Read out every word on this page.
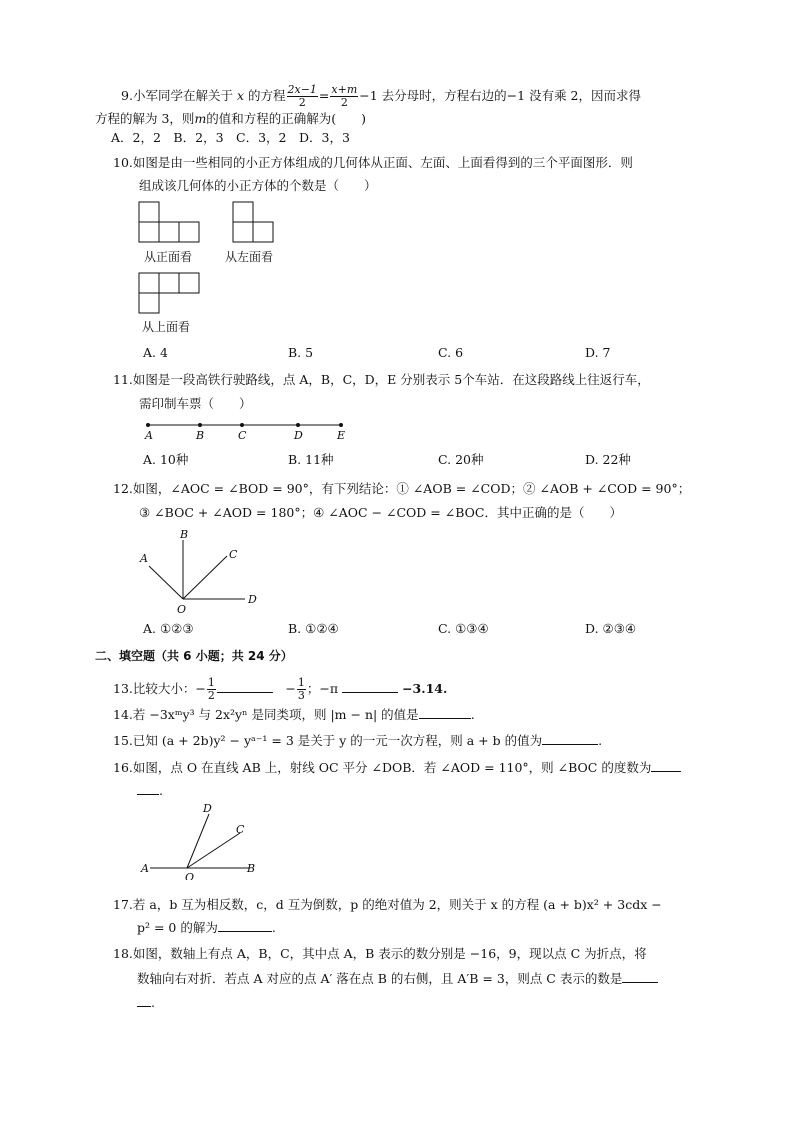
9.小军同学在解关于 x 的方程 $\frac{2x-1}{2} = \frac{x+m}{2} -1$ 去分母时，方程右边的−1 没有乘 2，因而求得
方程的解为 3，则m的值和方程的正确解为(　　)
A．2，2　B．2，3　C．3，2　D．3，3
10.如图是由一些相同的小正方体组成的几何体从正面、左面、上面看得到的三个平面图形．则
组成该几何体的小正方体的个数是（　　）
从正面看	从左面看
从上面看
A. 4	B. 5	C. 6	D. 7
11.如图是一段高铁行驶路线，点 A，B，C，D，E 分别表示 5个车站．在这段路线上往返行车，
需印制车票（　　）
A	B	C	D	E
A. 10种	B. 11种	C. 20种	D. 22种
12.如图，∠AOC = ∠BOD = 90°，有下列结论：① ∠AOB = ∠COD；② ∠AOB + ∠COD = 90°；
③ ∠BOC + ∠AOD = 180°；④ ∠AOC − ∠COD = ∠BOC．其中正确的是（　　）
A
B
C
D
O
A. ①②③	B. ①②④	C. ①③④	D. ②③④
二、填空题（共 6 小题；共 24 分）
13.比较大小：− $\frac{1}{2}$	　− $\frac{1}{3}$ ；−π	−3.14.
14.若 −3xᵐy³ 与 2x²yⁿ 是同类项，则 |m − n| 的值是	.
15.已知 (a + 2b)y² − yᵃ⁻¹ = 3 是关于 y 的一元一次方程，则 a + b 的值为	.
16.如图，点 O 在直线 AB 上，射线 OC 平分 ∠DOB．若 ∠AOD = 110°，则 ∠BOC 的度数为
.
D
C
A	B
O
17.若 a，b 互为相反数，c，d 互为倒数，p 的绝对值为 2，则关于 x 的方程 (a + b)x² + 3cdx −
p² = 0 的解为	.
18.如图，数轴上有点 A，B，C，其中点 A，B 表示的数分别是 −16，9，现以点 C 为折点，将
数轴向右对折．若点 A 对应的点 A′ 落在点 B 的右侧，且 A′B = 3，则点 C 表示的数是
.
